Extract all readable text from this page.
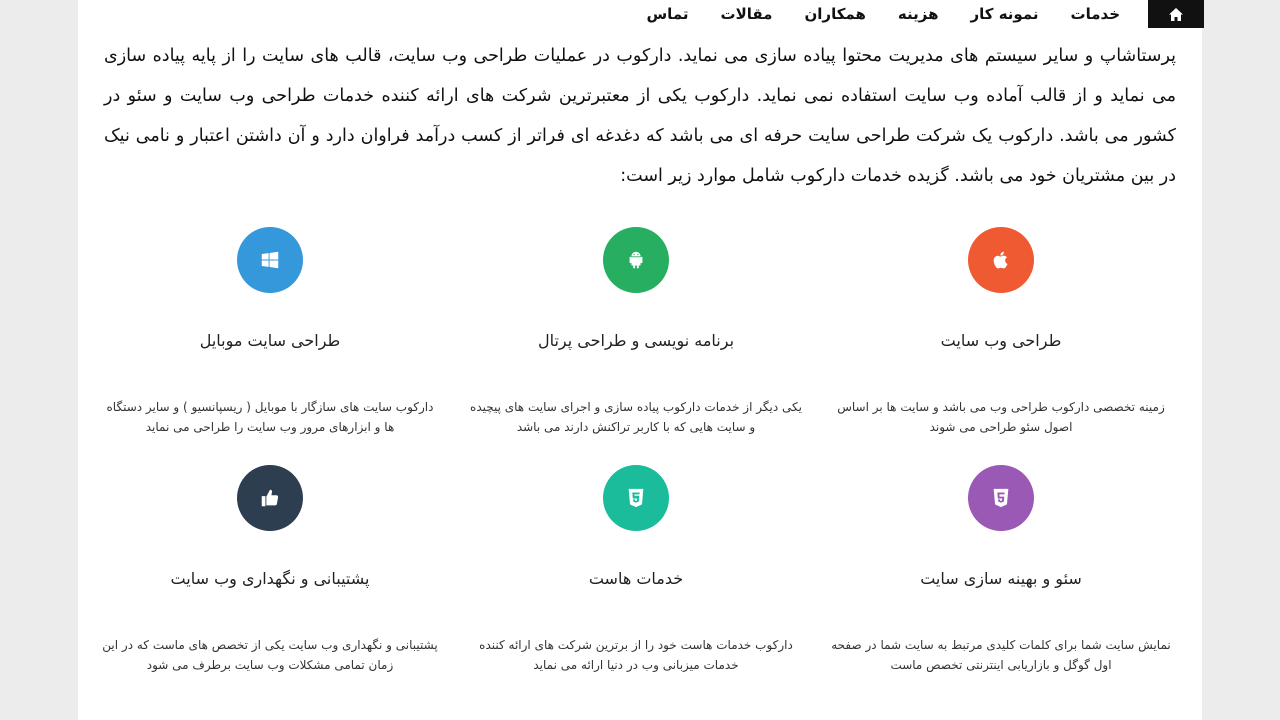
خدمات
نمونه کار
هزینه
همکاران
مقالات
تماس
پرستاشاپ و سایر سیستم های مدیریت محتوا پیاده سازی می نماید. دارکوب در عملیات طراحی وب سایت، قالب های سایت را از پایه پیاده سازی می نماید و از قالب آماده وب سایت استفاده نمی نماید. دارکوب یکی از معتبرترین شرکت های ارائه کننده خدمات طراحی وب سایت و سئو در کشور می باشد. دارکوب یک شرکت طراحی سایت حرفه ای می باشد که دغدغه ای فراتر از کسب درآمد فراوان دارد و آن داشتن اعتبار و نامی نیک در بین مشتریان خود می باشد. گزیده خدمات دارکوب شامل موارد زیر است:
طراحی وب سایت
زمینه تخصصی دارکوب طراحی وب می باشد و سایت ها بر اساس اصول سئو طراحی می شوند
برنامه نویسی و طراحی پرتال
یکی دیگر از خدمات دارکوب پیاده سازی و اجرای سایت های پیچیده و سایت هایی که با کاربر تراکنش دارند می باشد
طراحی سایت موبایل
دارکوب سایت های سازگار با موبایل ( ریسپانسیو ) و سایر دستگاه ها و ابزارهای مرور وب سایت را طراحی می نماید
سئو و بهینه سازی سایت
نمایش سایت شما برای کلمات کلیدی مرتبط به سایت شما در صفحه اول گوگل و بازاریابی اینترنتی تخصص ماست
خدمات هاست
دارکوب خدمات هاست خود را از برترین شرکت های ارائه کننده خدمات میزبانی وب در دنیا ارائه می نماید
پشتیبانی و نگهداری وب سایت
پشتیبانی و نگهداری وب سایت یکی از تخصص های ماست که در این زمان تمامی مشکلات وب سایت برطرف می شود
